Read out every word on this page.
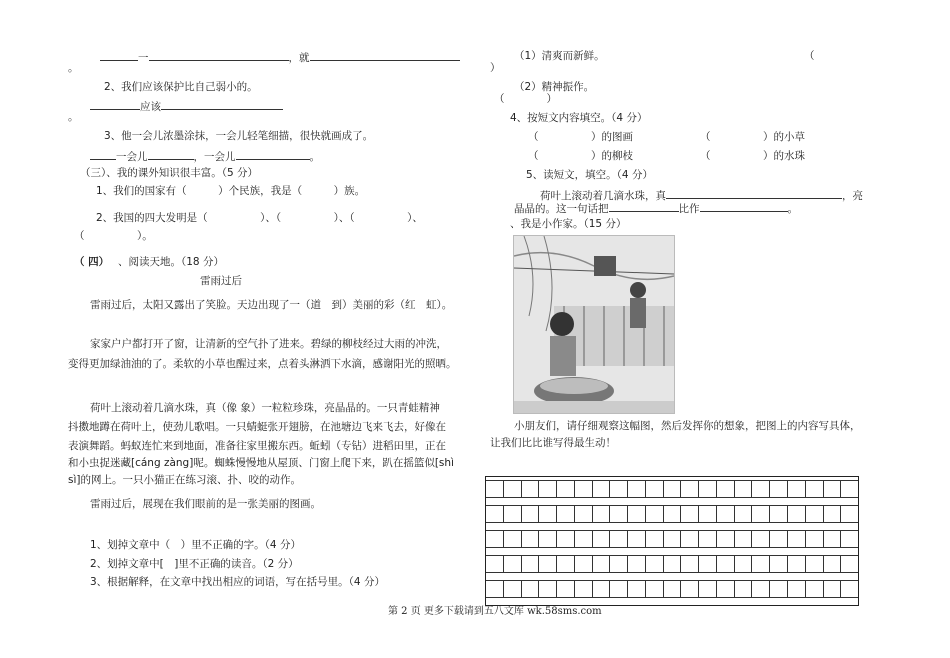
一	，就
。
2、我们应该保护比自己弱小的。
应该
。
3、他一会儿浓墨涂抹，一会儿轻笔细描，很快就画成了。
一会儿	，一会儿	。
（三）、我的课外知识很丰富。（5 分）
1、我们的国家有（　　　）个民族，我是（　　　）族。
2、我国的四大发明是（　　　　　）、（　　　　　）、（　　　　　）、
（　　　　　）。
（ 四） 、阅读天地。（18 分）
雷雨过后
雷雨过后，太阳又露出了笑脸。天边出现了一（道　到）美丽的彩（红　虹）。
家家户户都打开了窗，让清新的空气扑了进来。碧绿的柳枝经过大雨的冲洗，
变得更加绿油油的了。柔软的小草也醒过来，点着头淋洒下水滴，感谢阳光的照晒。
荷叶上滚动着几滴水珠，真（像 象）一粒粒珍珠，亮晶晶的。一只青蛙精神
抖擞地蹲在荷叶上，使劲儿歌唱。一只蜻蜓张开翅膀，在池塘边飞来飞去，好像在
表演舞蹈。蚂蚁连忙来到地面，准备往家里搬东西。蚯蚓（专钻）进稻田里，正在
和小虫捉迷藏[cáng zàng]呢。蜘蛛慢慢地从屋顶、门窗上爬下来，趴在摇篮似[shì
sì]的网上。一只小猫正在练习滚、扑、咬的动作。
雷雨过后，展现在我们眼前的是一张美丽的图画。
1、划掉文章中（　）里不正确的字。（4 分）
2、划掉文章中[　]里不正确的读音。（2 分）
3、根据解释，在文章中找出相应的词语，写在括号里。（4 分）
（1）清爽而新鲜。	（
）
（2）精神振作。
（　　　　）
4、按短文内容填空。（4 分）
（　　　　　）的图画	（　　　　　）的小草
（　　　　　）的柳枝	（　　　　　）的水珠
5、读短文，填空。（4 分）
荷叶上滚动着几滴水珠，真	，亮
晶晶的。这一句话把	比作	。
、我是小作家。（15 分）
小朋友们，请仔细观察这幅图，然后发挥你的想象，把图上的内容写具体，
让我们比比谁写得最生动！
第 2 页 更多下载请到五八文库 wk.58sms.com
